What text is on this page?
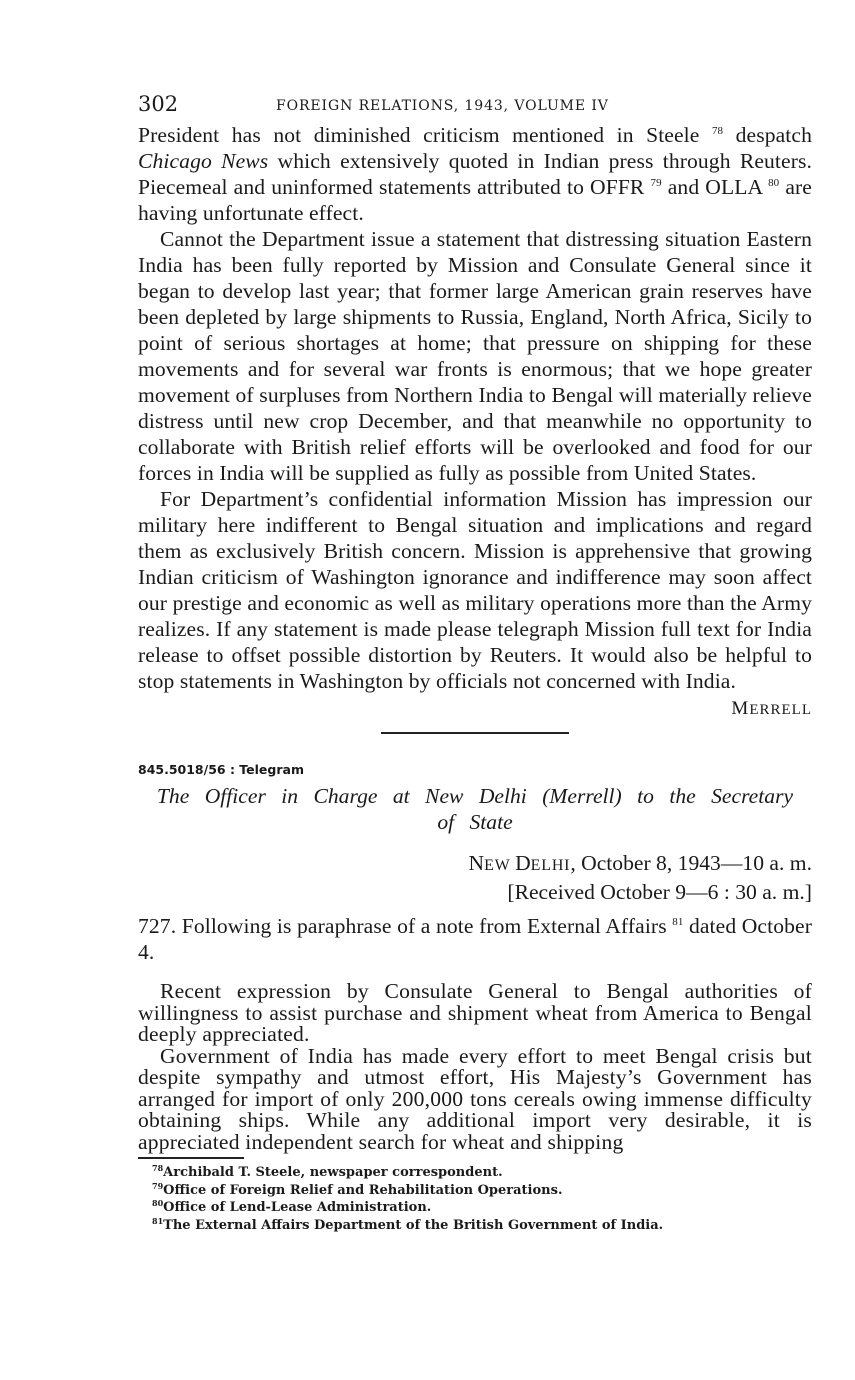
302	FOREIGN RELATIONS, 1943, VOLUME IV

President has not diminished criticism mentioned in Steele $^{78}$ despatch Chicago News which extensively quoted in Indian press through Reuters. Piecemeal and uninformed statements attributed to OFFR $^{79}$ and OLLA $^{80}$ are having unfortunate effect.

Cannot the Department issue a statement that distressing situation Eastern India has been fully reported by Mission and Consulate General since it began to develop last year; that former large American grain reserves have been depleted by large shipments to Russia, England, North Africa, Sicily to point of serious shortages at home; that pressure on shipping for these movements and for several war fronts is enormous; that we hope greater movement of surpluses from Northern India to Bengal will materially relieve distress until new crop December, and that meanwhile no opportunity to collaborate with British relief efforts will be overlooked and food for our forces in India will be supplied as fully as possible from United States.

For Department’s confidential information Mission has impression our military here indifferent to Bengal situation and implications and regard them as exclusively British concern. Mission is apprehensive that growing Indian criticism of Washington ignorance and indifference may soon affect our prestige and economic as well as military operations more than the Army realizes. If any statement is made please telegraph Mission full text for India release to offset possible distortion by Reuters. It would also be helpful to stop statements in Washington by officials not concerned with India.

MERRELL
845.5018/56 : Telegram
The Officer in Charge at New Delhi (Merrell) to the Secretary
of State
NEW DELHI, October 8, 1943—10 a. m.
[Received October 9—6 : 30 a. m.]

727. Following is paraphrase of a note from External Affairs $^{81}$ dated October 4.

Recent expression by Consulate General to Bengal authorities of willingness to assist purchase and shipment wheat from America to Bengal deeply appreciated.

Government of India has made every effort to meet Bengal crisis but despite sympathy and utmost effort, His Majesty’s Government has arranged for import of only 200,000 tons cereals owing immense difficulty obtaining ships. While any additional import very desirable, it is appreciated independent search for wheat and shipping

$^{78}$Archibald T. Steele, newspaper correspondent.
$^{79}$Office of Foreign Relief and Rehabilitation Operations.
$^{80}$Office of Lend-Lease Administration.
$^{81}$The External Affairs Department of the British Government of India.
